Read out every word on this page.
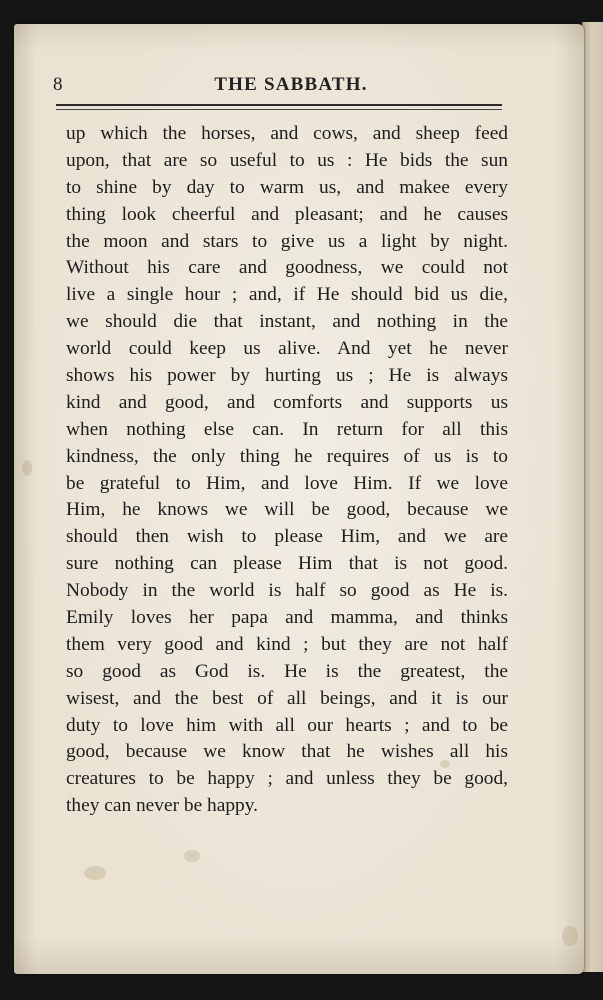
8	THE SABBATH.
up which the horses, and cows, and sheep feed
upon, that are so useful to us : He bids the sun
to shine by day to warm us, and makee every
thing look cheerful and pleasant; and he causes
the moon and stars to give us a light by night.
Without his care and goodness, we could not
live a single hour ; and, if He should bid us die,
we should die that instant, and nothing in the
world could keep us alive. And yet he never
shows his power by hurting us ; He is always
kind and good, and comforts and supports us
when nothing else can. In return for all this
kindness, the only thing he requires of us is to
be grateful to Him, and love Him. If we love
Him, he knows we will be good, because we
should then wish to please Him, and we are
sure nothing can please Him that is not good.
Nobody in the world is half so good as He is.
Emily loves her papa and mamma, and thinks
them very good and kind ; but they are not half
so good as God is. He is the greatest, the
wisest, and the best of all beings, and it is our
duty to love him with all our hearts ; and to be
good, because we know that he wishes all his
creatures to be happy ; and unless they be good,
they can never be happy.
